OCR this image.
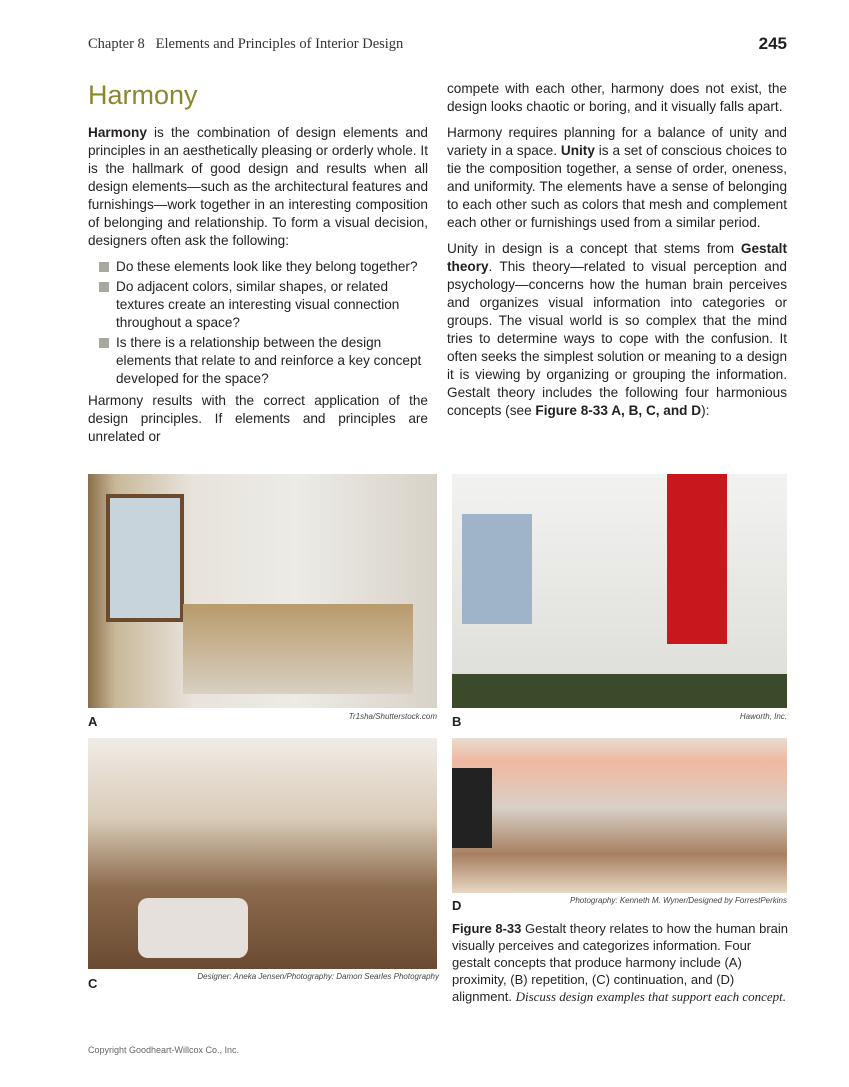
Chapter 8   Elements and Principles of Interior Design	245
Harmony

Harmony is the combination of design elements and principles in an aesthetically pleasing or orderly whole. It is the hallmark of good design and results when all design elements—such as the architectural features and furnishings—work together in an interesting composition of belonging and relationship. To form a visual decision, designers often ask the following:

Do these elements look like they belong together?
Do adjacent colors, similar shapes, or related textures create an interesting visual connection throughout a space?
Is there is a relationship between the design elements that relate to and reinforce a key concept developed for the space?

Harmony results with the correct application of the design principles. If elements and principles are unrelated or

compete with each other, harmony does not exist, the design looks chaotic or boring, and it visually falls apart.

Harmony requires planning for a balance of unity and variety in a space. Unity is a set of conscious choices to tie the composition together, a sense of order, oneness, and uniformity. The elements have a sense of belonging to each other such as colors that mesh and complement each other or furnishings used from a similar period.

Unity in design is a concept that stems from Gestalt theory. This theory—related to visual perception and psychology—concerns how the human brain perceives and organizes visual information into categories or groups. The visual world is so complex that the mind tries to determine ways to cope with the confusion. It often seeks the simplest solution or meaning to a design it is viewing by organizing or grouping the information. Gestalt theory includes the following four harmonious concepts (see Figure 8-33 A, B, C, and D):

Tr1sha/Shutterstock.com
A	Haworth, Inc.
B
Designer: Aneka Jensen/Photography: Damon Searles Photography
C
Photography: Kenneth M. Wyner/Designed by ForrestPerkins
D
Figure 8-33 Gestalt theory relates to how the human brain visually perceives and categorizes information. Four gestalt concepts that produce harmony include (A) proximity, (B) repetition, (C) continuation, and (D) alignment. Discuss design examples that support each concept.
Copyright Goodheart-Willcox Co., Inc.
